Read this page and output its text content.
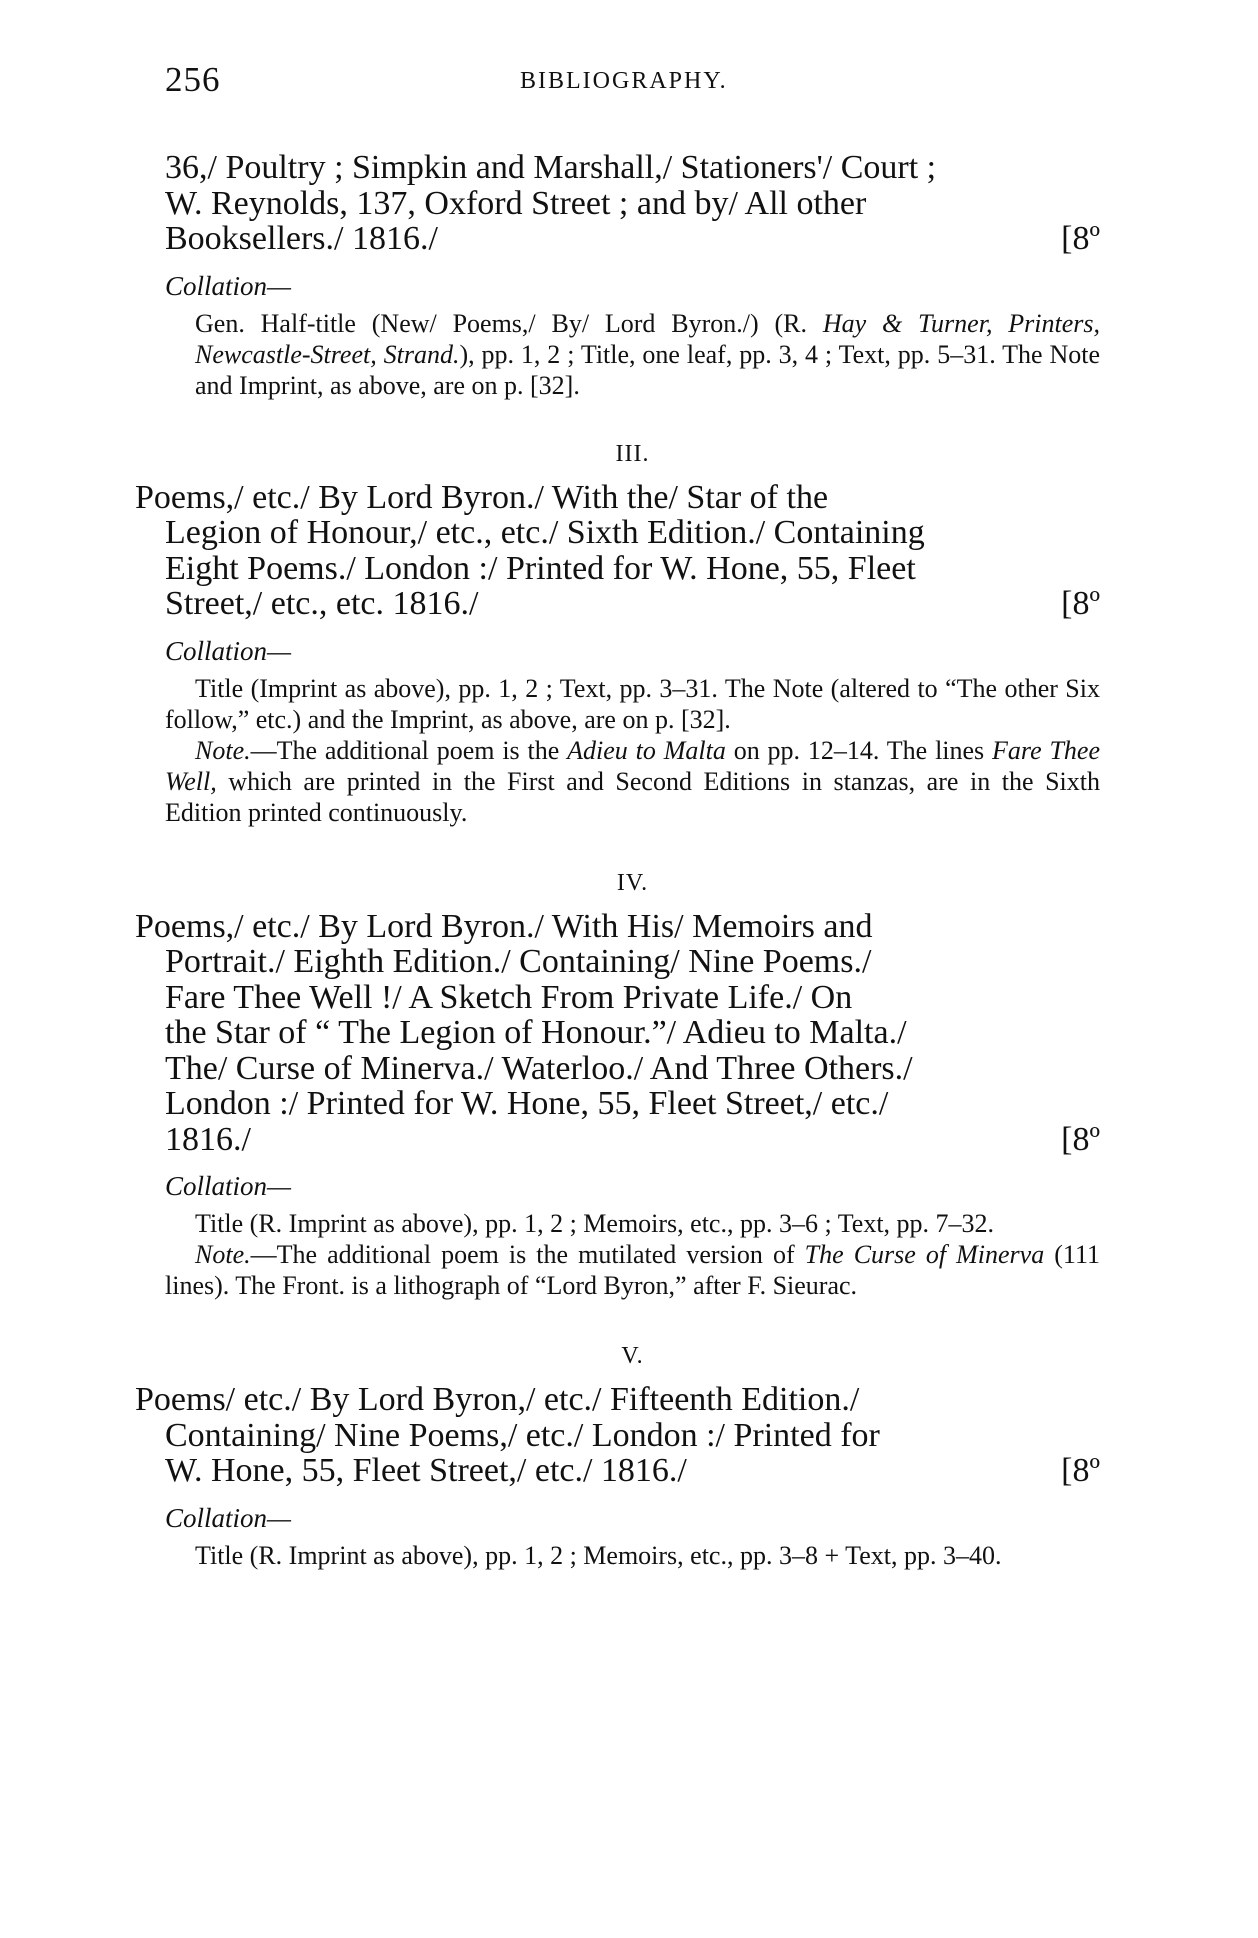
256	BIBLIOGRAPHY.
36,/ Poultry ; Simpkin and Marshall,/ Stationers'/ Court ;
W. Reynolds, 137, Oxford Street ; and by/ All other
Booksellers./ 1816./	[8º
Collation—

Gen. Half-title (New/ Poems,/ By/ Lord Byron./) (R. Hay & Turner, Printers, Newcastle-Street, Strand.), pp. 1, 2 ; Title, one leaf, pp. 3, 4 ; Text, pp. 5–31. The Note and Imprint, as above, are on p. [32].

III.

Poems,/ etc./ By Lord Byron./ With the/ Star of the
Legion of Honour,/ etc., etc./ Sixth Edition./ Containing
Eight Poems./ London :/ Printed for W. Hone, 55, Fleet
Street,/ etc., etc. 1816./	[8º
Collation—

Title (Imprint as above), pp. 1, 2 ; Text, pp. 3–31. The Note (altered to “The other Six follow,” etc.) and the Imprint, as above, are on p. [32].

Note.—The additional poem is the Adieu to Malta on pp. 12–14. The lines Fare Thee Well, which are printed in the First and Second Editions in stanzas, are in the Sixth Edition printed continuously.

IV.

Poems,/ etc./ By Lord Byron./ With His/ Memoirs and
Portrait./ Eighth Edition./ Containing/ Nine Poems./
Fare Thee Well !/ A Sketch From Private Life./ On
the Star of “ The Legion of Honour.”/ Adieu to Malta./
The/ Curse of Minerva./ Waterloo./ And Three Others./
London :/ Printed for W. Hone, 55, Fleet Street,/ etc./
1816./	[8º
Collation—

Title (R. Imprint as above), pp. 1, 2 ; Memoirs, etc., pp. 3–6 ; Text, pp. 7–32.

Note.—The additional poem is the mutilated version of The Curse of Minerva (111 lines). The Front. is a lithograph of “Lord Byron,” after F. Sieurac.

V.

Poems/ etc./ By Lord Byron,/ etc./ Fifteenth Edition./
Containing/ Nine Poems,/ etc./ London :/ Printed for
W. Hone, 55, Fleet Street,/ etc./ 1816./	[8º
Collation—

Title (R. Imprint as above), pp. 1, 2 ; Memoirs, etc., pp. 3–8 + Text, pp. 3–40.
